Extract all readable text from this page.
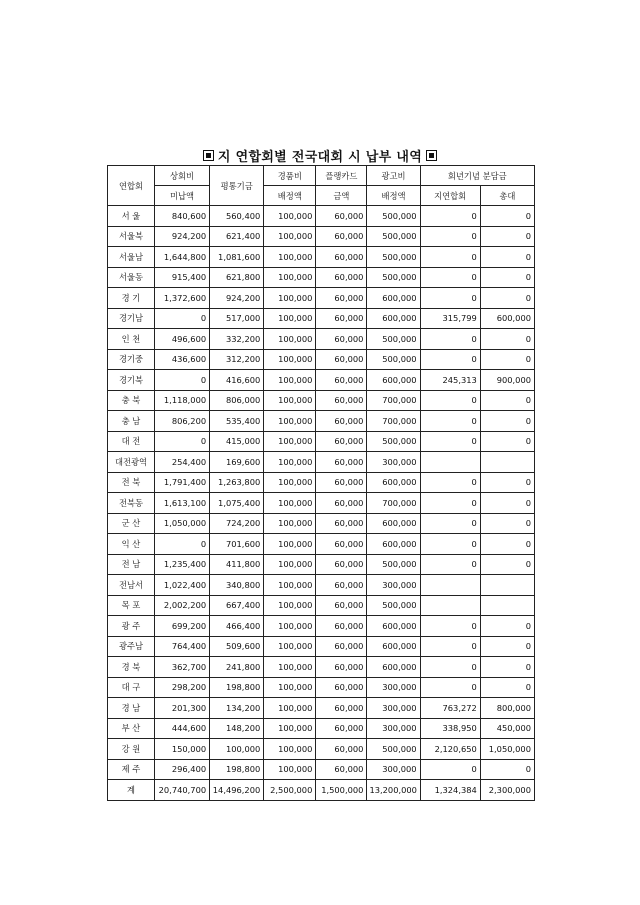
지 연합회별 전국대회 시 납부 내역
연합회	상회비	평통기금	경품비	플랭카드	광고비	회년기념 분담금	
	미납액		배정액	금액	배정액	지연합회	총대
서 울	840,600	560,400	100,000	60,000	500,000	0	0
서울북	924,200	621,400	100,000	60,000	500,000	0	0
서울남	1,644,800	1,081,600	100,000	60,000	500,000	0	0
서울동	915,400	621,800	100,000	60,000	500,000	0	0
경 기	1,372,600	924,200	100,000	60,000	600,000	0	0
경기남	0	517,000	100,000	60,000	600,000	315,799	600,000
인 천	496,600	332,200	100,000	60,000	500,000	0	0
경기중	436,600	312,200	100,000	60,000	500,000	0	0
경기북	0	416,600	100,000	60,000	600,000	245,313	900,000
충 북	1,118,000	806,000	100,000	60,000	700,000	0	0
충 남	806,200	535,400	100,000	60,000	700,000	0	0
대 전	0	415,000	100,000	60,000	500,000	0	0
대전광역	254,400	169,600	100,000	60,000	300,000		
전 북	1,791,400	1,263,800	100,000	60,000	600,000	0	0
전북동	1,613,100	1,075,400	100,000	60,000	700,000	0	0
군 산	1,050,000	724,200	100,000	60,000	600,000	0	0
익 산	0	701,600	100,000	60,000	600,000	0	0
전 남	1,235,400	411,800	100,000	60,000	500,000	0	0
전남서	1,022,400	340,800	100,000	60,000	300,000		
목 포	2,002,200	667,400	100,000	60,000	500,000		
광 주	699,200	466,400	100,000	60,000	600,000	0	0
광주남	764,400	509,600	100,000	60,000	600,000	0	0
경 북	362,700	241,800	100,000	60,000	600,000	0	0
대 구	298,200	198,800	100,000	60,000	300,000	0	0
경 남	201,300	134,200	100,000	60,000	300,000	763,272	800,000
부 산	444,600	148,200	100,000	60,000	300,000	338,950	450,000
강 원	150,000	100,000	100,000	60,000	500,000	2,120,650	1,050,000
제 주	296,400	198,800	100,000	60,000	300,000	0	0
계	20,740,700	14,496,200	2,500,000	1,500,000	13,200,000	1,324,384	2,300,000
